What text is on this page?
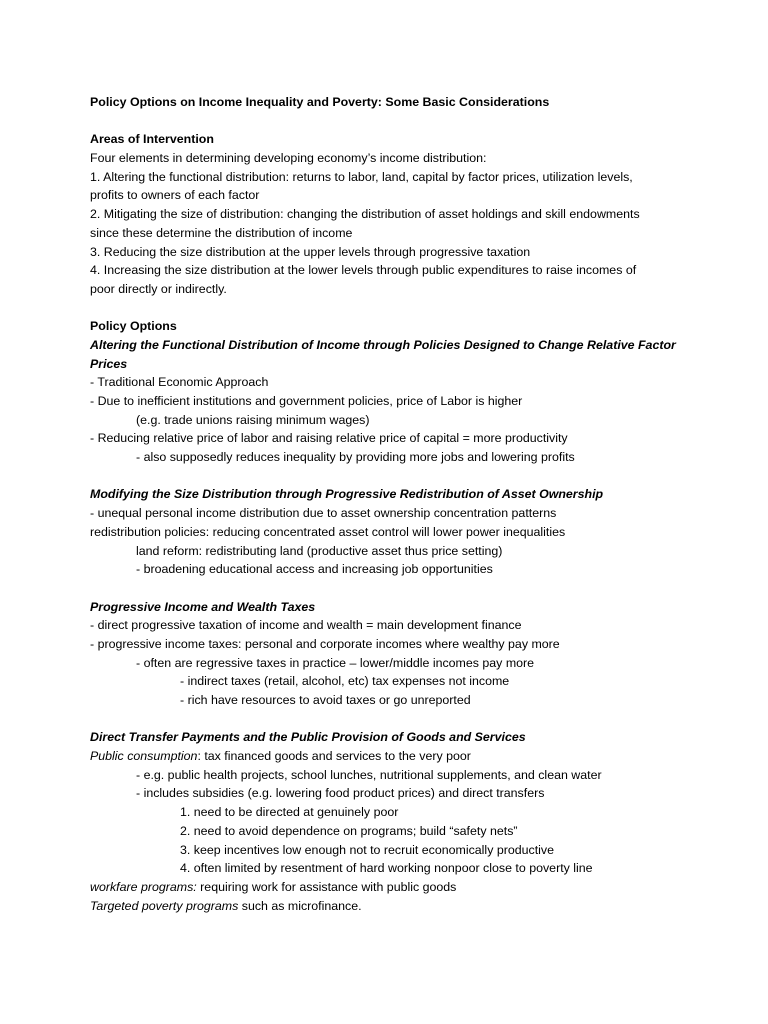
Policy Options on Income Inequality and Poverty: Some Basic Considerations
Areas of Intervention
Four elements in determining developing economy’s income distribution:
1. Altering the functional distribution: returns to labor, land, capital by factor prices, utilization levels,
profits to owners of each factor
2. Mitigating the size of distribution: changing the distribution of asset holdings and skill endowments
since these determine the distribution of income
3. Reducing the size distribution at the upper levels through progressive taxation
4. Increasing the size distribution at the lower levels through public expenditures to raise incomes of
poor directly or indirectly.
Policy Options
Altering the Functional Distribution of Income through Policies Designed to Change Relative Factor
Prices
- Traditional Economic Approach
- Due to inefficient institutions and government policies, price of Labor is higher
(e.g. trade unions raising minimum wages)
- Reducing relative price of labor and raising relative price of capital = more productivity
- also supposedly reduces inequality by providing more jobs and lowering profits
Modifying the Size Distribution through Progressive Redistribution of Asset Ownership
- unequal personal income distribution due to asset ownership concentration patterns
redistribution policies: reducing concentrated asset control will lower power inequalities
land reform: redistributing land (productive asset thus price setting)
- broadening educational access and increasing job opportunities
Progressive Income and Wealth Taxes
- direct progressive taxation of income and wealth = main development finance
- progressive income taxes: personal and corporate incomes where wealthy pay more
- often are regressive taxes in practice – lower/middle incomes pay more
- indirect taxes (retail, alcohol, etc) tax expenses not income
- rich have resources to avoid taxes or go unreported
Direct Transfer Payments and the Public Provision of Goods and Services
Public consumption: tax financed goods and services to the very poor
- e.g. public health projects, school lunches, nutritional supplements, and clean water
- includes subsidies (e.g. lowering food product prices) and direct transfers
1. need to be directed at genuinely poor
2. need to avoid dependence on programs; build “safety nets”
3. keep incentives low enough not to recruit economically productive
4. often limited by resentment of hard working nonpoor close to poverty line
workfare programs: requiring work for assistance with public goods
Targeted poverty programs such as microfinance.
